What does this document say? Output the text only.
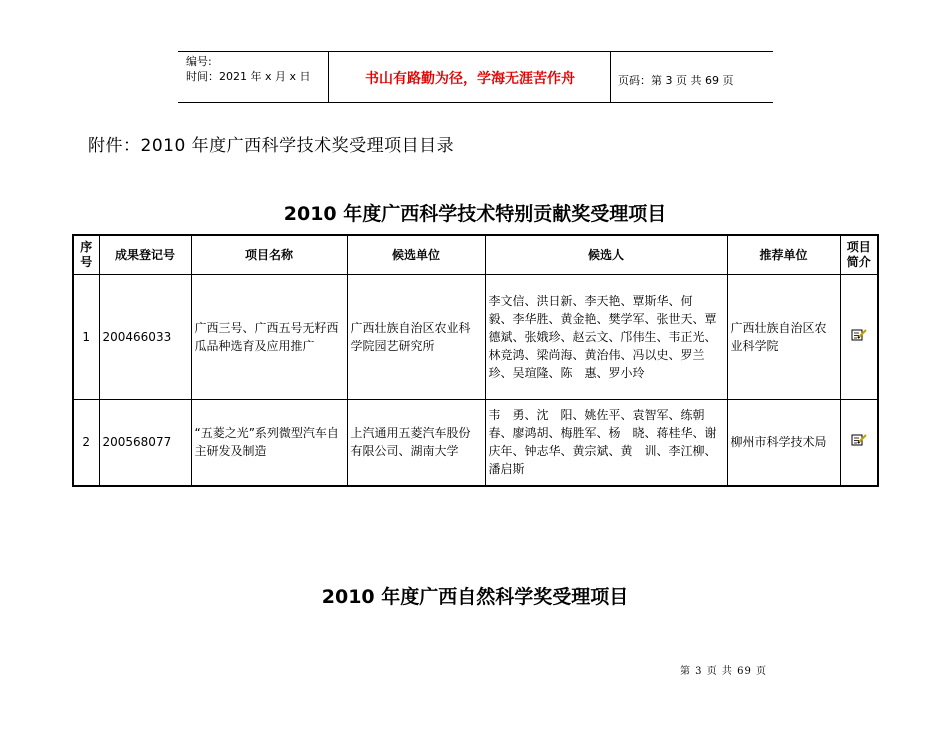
编号:
时间：2021 年 x 月 x 日	书山有路勤为径，学海无涯苦作舟	页码：第 3 页 共 69 页
附件：2010 年度广西科学技术奖受理项目目录
2010 年度广西科学技术特别贡献奖受理项目
序号	成果登记号	项目名称	候选单位	候选人	推荐单位	项目简介
1	200466033	广西三号、广西五号无籽西瓜品种选育及应用推广	广西壮族自治区农业科学院园艺研究所	李文信、洪日新、李天艳、覃斯华、何　毅、李华胜、黄金艳、樊学军、张世天、覃德斌、张娥珍、赵云文、邝伟生、韦正光、林竞鸿、梁尚海、黄治伟、冯以史、罗兰珍、吴瑄隆、陈　惠、罗小玲	广西壮族自治区农业科学院	
2	200568077	“五菱之光”系列微型汽车自主研发及制造	上汽通用五菱汽车股份有限公司、湖南大学	韦　勇、沈　阳、姚佐平、袁智军、练朝春、廖鸿胡、梅胜军、杨　晓、蒋桂华、谢庆年、钟志华、黄宗斌、黄　训、李江柳、潘启斯	柳州市科学技术局	
2010 年度广西自然科学奖受理项目
第 3 页 共 69 页
